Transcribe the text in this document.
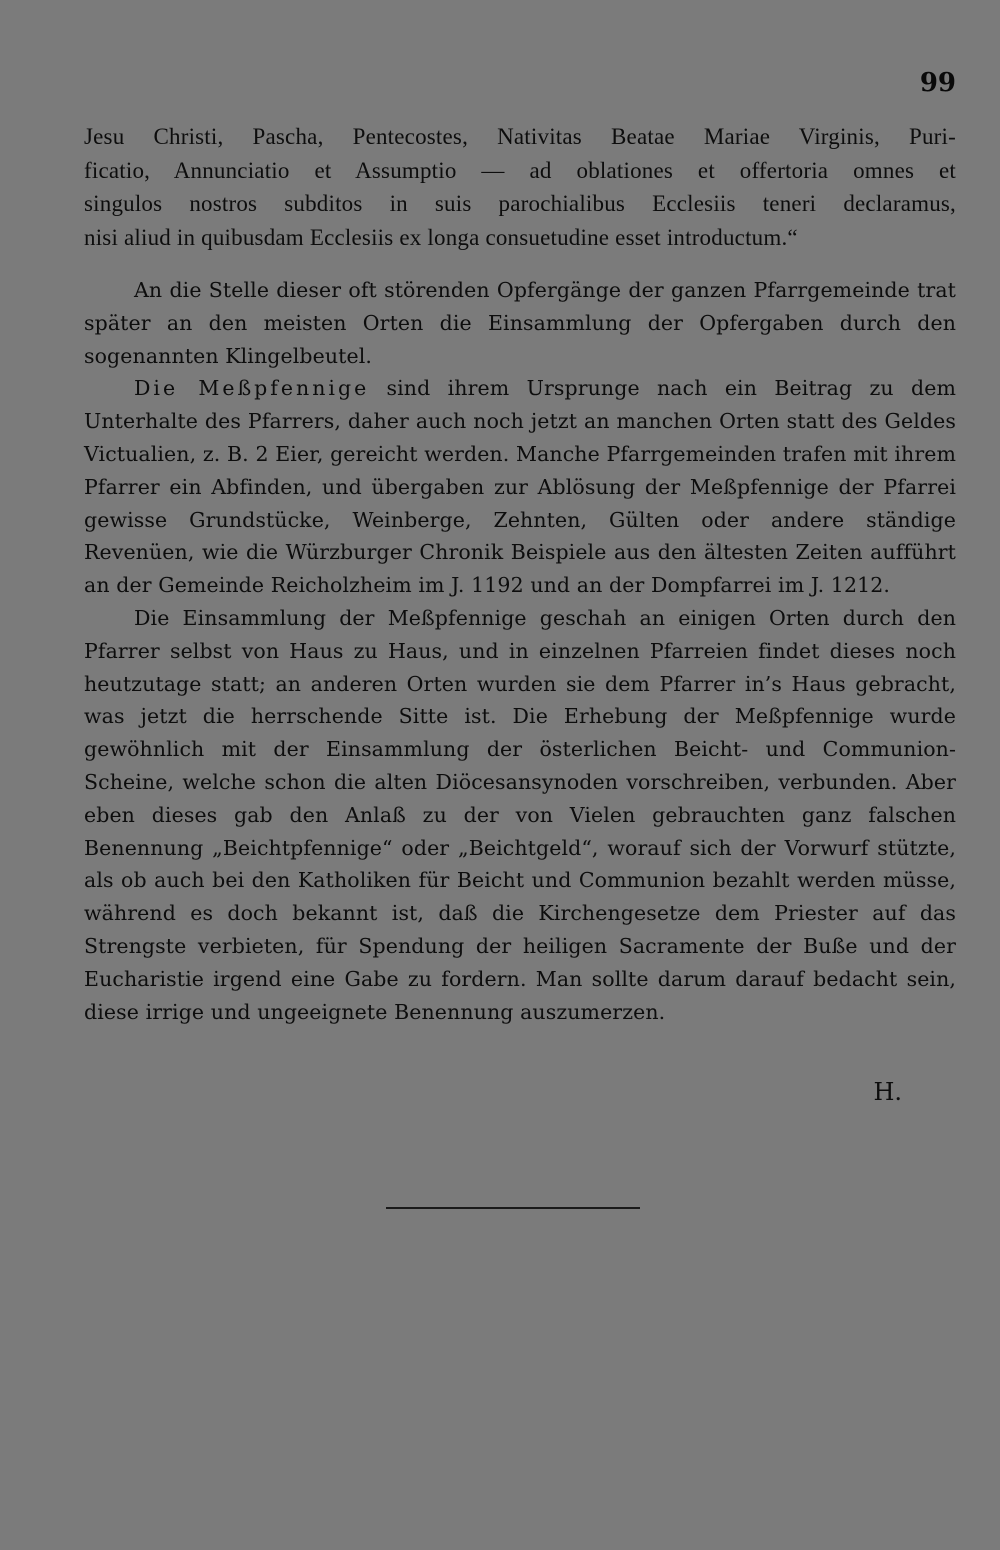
99

Jesu Christi, Pascha, Pentecostes, Nativitas Beatae Mariae Virginis, Puri-
ficatio, Annunciatio et Assumptio — ad oblationes et offertoria omnes et
singulos nostros subditos in suis parochialibus Ecclesiis teneri declaramus,
nisi aliud in quibusdam Ecclesiis ex longa consuetudine esset introductum.“

An die Stelle dieser oft störenden Opfergänge der ganzen Pfarrgemeinde trat später an den meisten Orten die Einsammlung der Opfergaben durch den sogenannten Klingelbeutel.

Die Meßpfennige sind ihrem Ursprunge nach ein Beitrag zu dem Unterhalte des Pfarrers, daher auch noch jetzt an manchen Orten statt des Geldes Victualien, z. B. 2 Eier, gereicht werden. Manche Pfarrgemeinden trafen mit ihrem Pfarrer ein Abfinden, und übergaben zur Ablösung der Meßpfennige der Pfarrei gewisse Grundstücke, Weinberge, Zehnten, Gülten oder andere ständige Revenüen, wie die Würzburger Chronik Beispiele aus den ältesten Zeiten aufführt an der Gemeinde Reicholzheim im J. 1192 und an der Dompfarrei im J. 1212.

Die Einsammlung der Meßpfennige geschah an einigen Orten durch den Pfarrer selbst von Haus zu Haus, und in einzelnen Pfarreien findet dieses noch heutzutage statt; an anderen Orten wurden sie dem Pfarrer in’s Haus gebracht, was jetzt die herrschende Sitte ist. Die Erhebung der Meßpfennige wurde gewöhnlich mit der Einsammlung der österlichen Beicht- und Communion-Scheine, welche schon die alten Diöcesansynoden vorschreiben, verbunden. Aber eben dieses gab den Anlaß zu der von Vielen gebrauchten ganz falschen Benennung „Beichtpfennige“ oder „Beichtgeld“, worauf sich der Vorwurf stützte, als ob auch bei den Katholiken für Beicht und Communion bezahlt werden müsse, während es doch bekannt ist, daß die Kirchengesetze dem Priester auf das Strengste verbieten, für Spendung der heiligen Sacramente der Buße und der Eucharistie irgend eine Gabe zu fordern. Man sollte darum darauf bedacht sein, diese irrige und ungeeignete Benennung auszumerzen.

H.
